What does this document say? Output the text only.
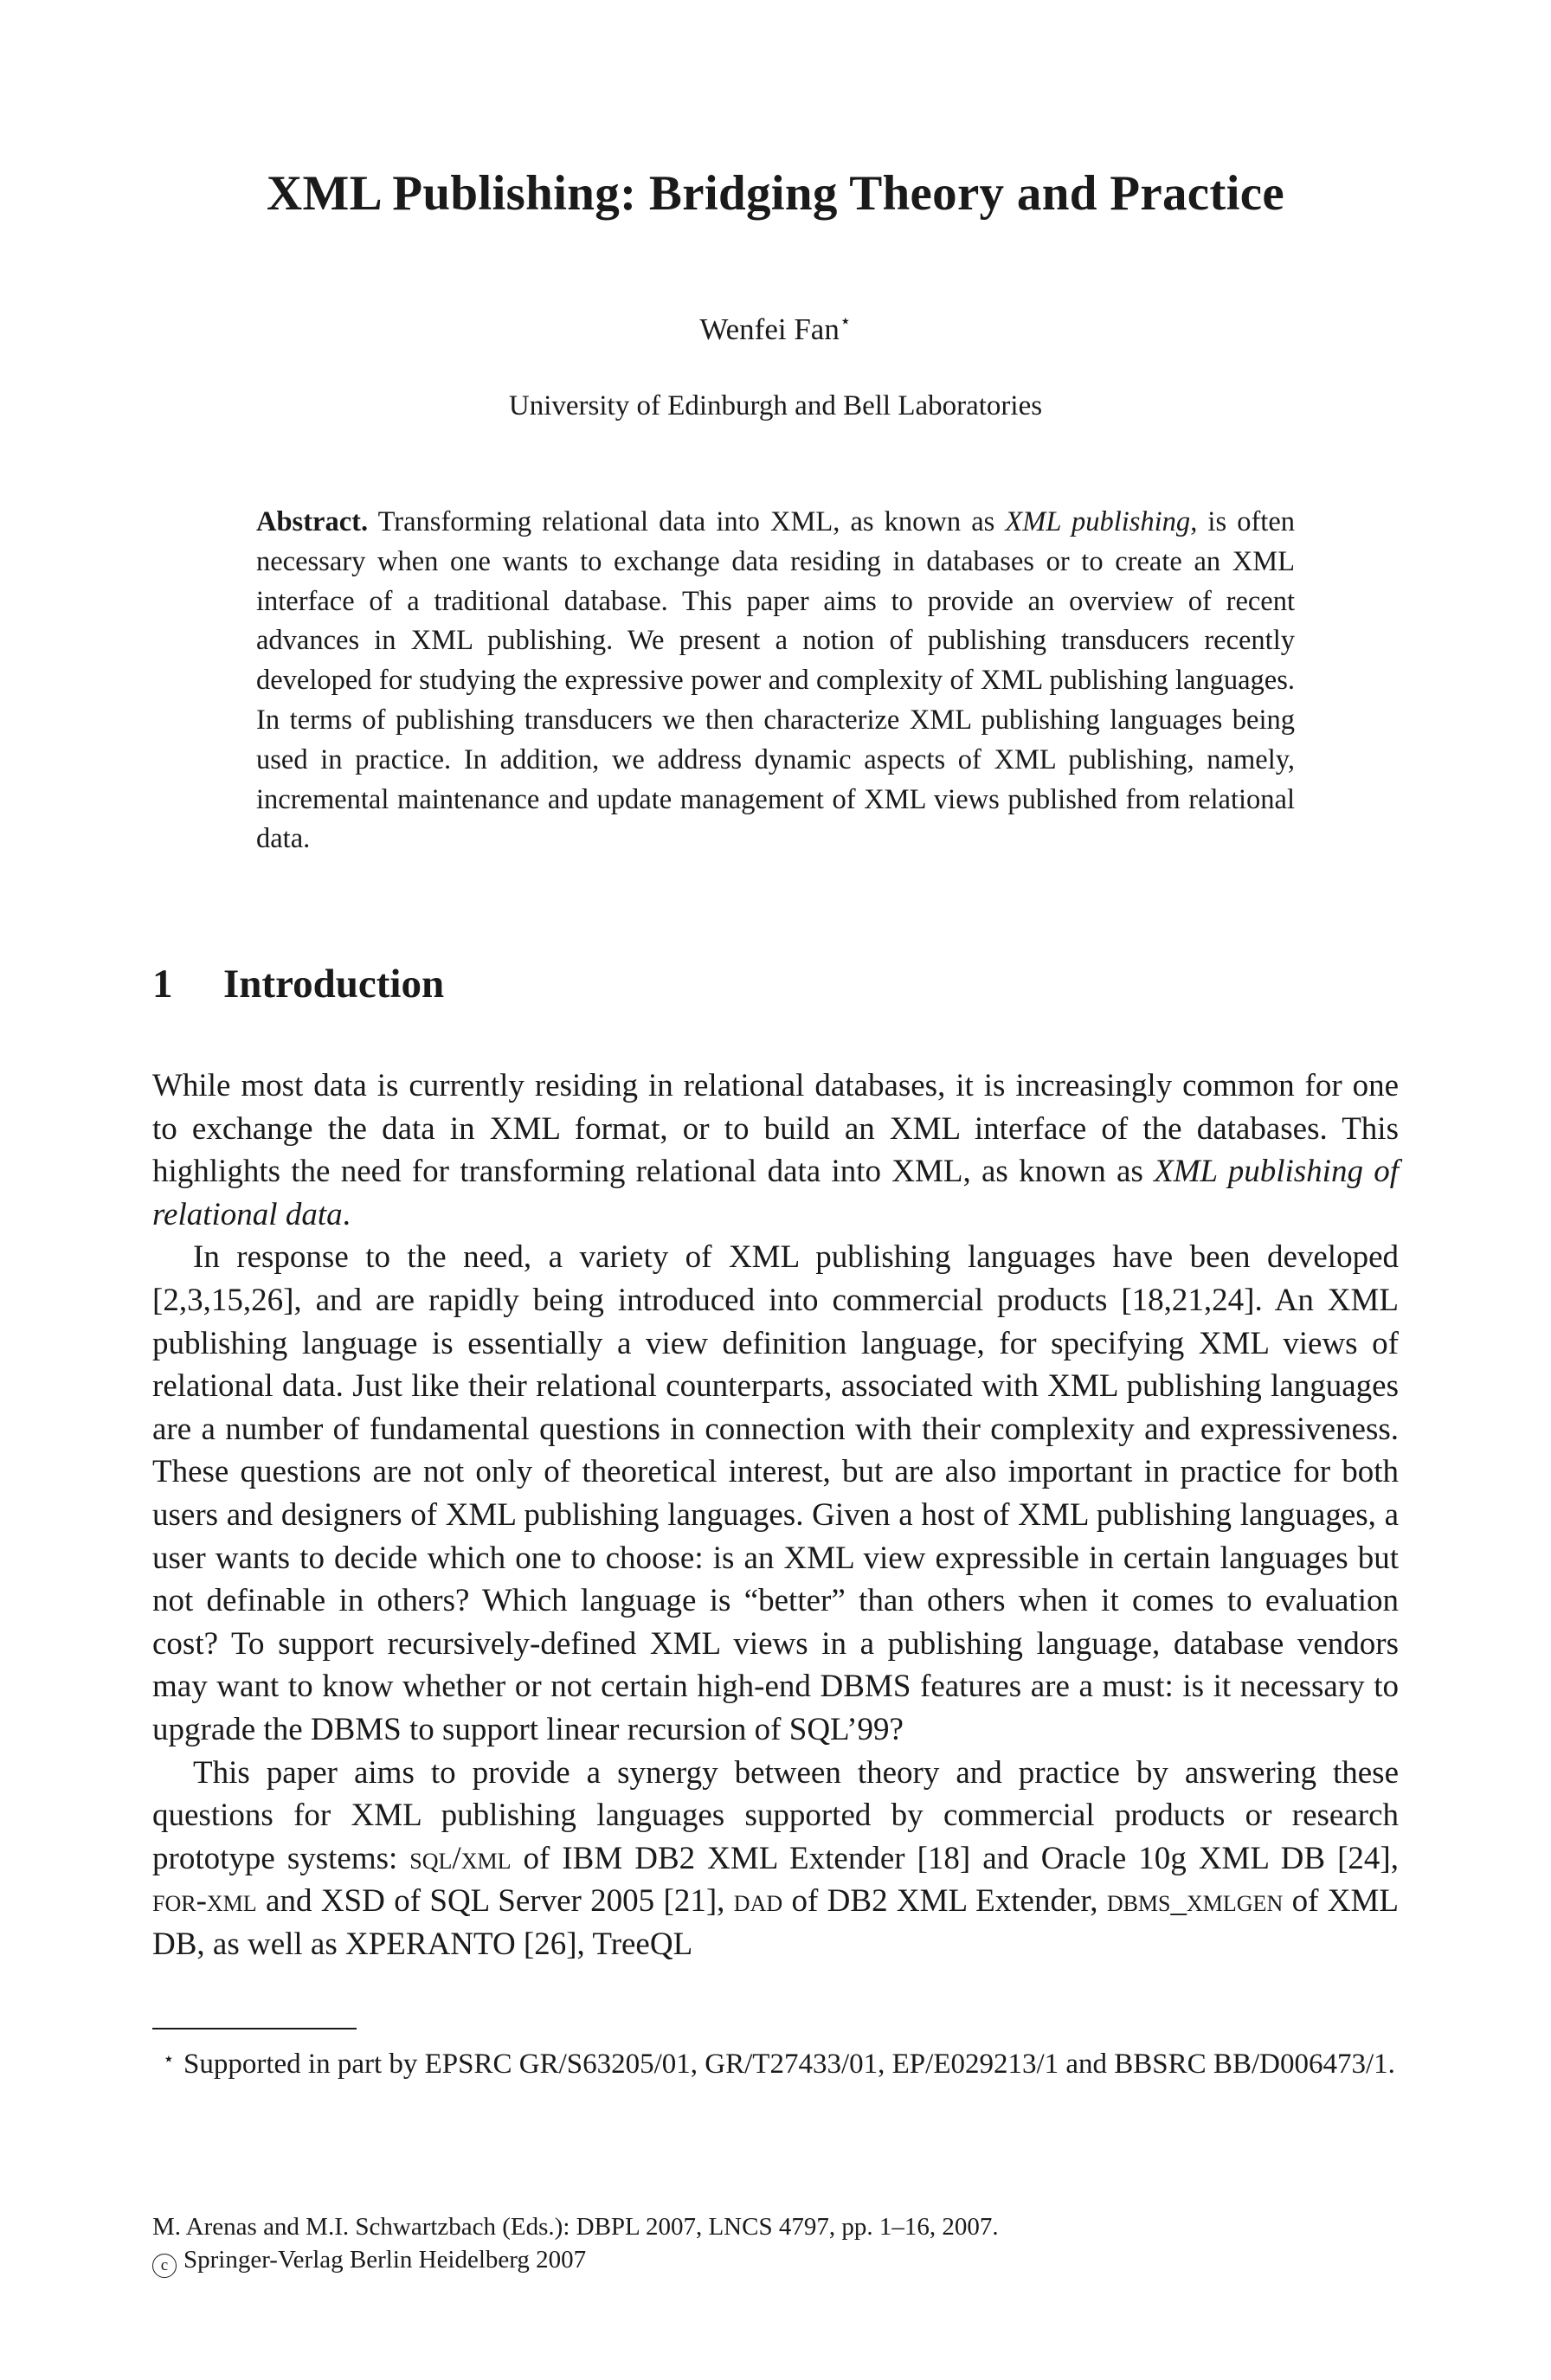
XML Publishing: Bridging Theory and Practice
Wenfei Fan⋆
University of Edinburgh and Bell Laboratories
Abstract. Transforming relational data into XML, as known as XML publishing, is often necessary when one wants to exchange data residing in databases or to create an XML interface of a traditional database. This paper aims to provide an overview of recent advances in XML publishing. We present a notion of publishing transducers recently developed for studying the expressive power and complexity of XML publishing languages. In terms of publishing transducers we then characterize XML publishing languages being used in practice. In addition, we address dynamic aspects of XML publishing, namely, incremental maintenance and update management of XML views published from relational data.
1 Introduction

While most data is currently residing in relational databases, it is increasingly common for one to exchange the data in XML format, or to build an XML interface of the databases. This highlights the need for transforming relational data into XML, as known as XML publishing of relational data.

In response to the need, a variety of XML publishing languages have been developed [2,3,15,26], and are rapidly being introduced into commercial products [18,21,24]. An XML publishing language is essentially a view definition language, for specifying XML views of relational data. Just like their relational counterparts, associated with XML publishing languages are a number of fundamental questions in connection with their complexity and expressiveness. These questions are not only of theoretical interest, but are also important in practice for both users and designers of XML publishing languages. Given a host of XML publishing languages, a user wants to decide which one to choose: is an XML view expressible in certain languages but not definable in others? Which language is “better” than others when it comes to evaluation cost? To support recursively-defined XML views in a publishing language, database vendors may want to know whether or not certain high-end DBMS features are a must: is it necessary to upgrade the DBMS to support linear recursion of SQL’99?

This paper aims to provide a synergy between theory and practice by answering these questions for XML publishing languages supported by commercial products or research prototype systems: sql/xml of IBM DB2 XML Extender [18] and Oracle 10g XML DB [24], for-xml and XSD of SQL Server 2005 [21], dad of DB2 XML Extender, dbms_xmlgen of XML DB, as well as XPERANTO [26], TreeQL

⋆ Supported in part by EPSRC GR/S63205/01, GR/T27433/01, EP/E029213/1 and BBSRC BB/D006473/1.
M. Arenas and M.I. Schwartzbach (Eds.): DBPL 2007, LNCS 4797, pp. 1–16, 2007.
c Springer-Verlag Berlin Heidelberg 2007
